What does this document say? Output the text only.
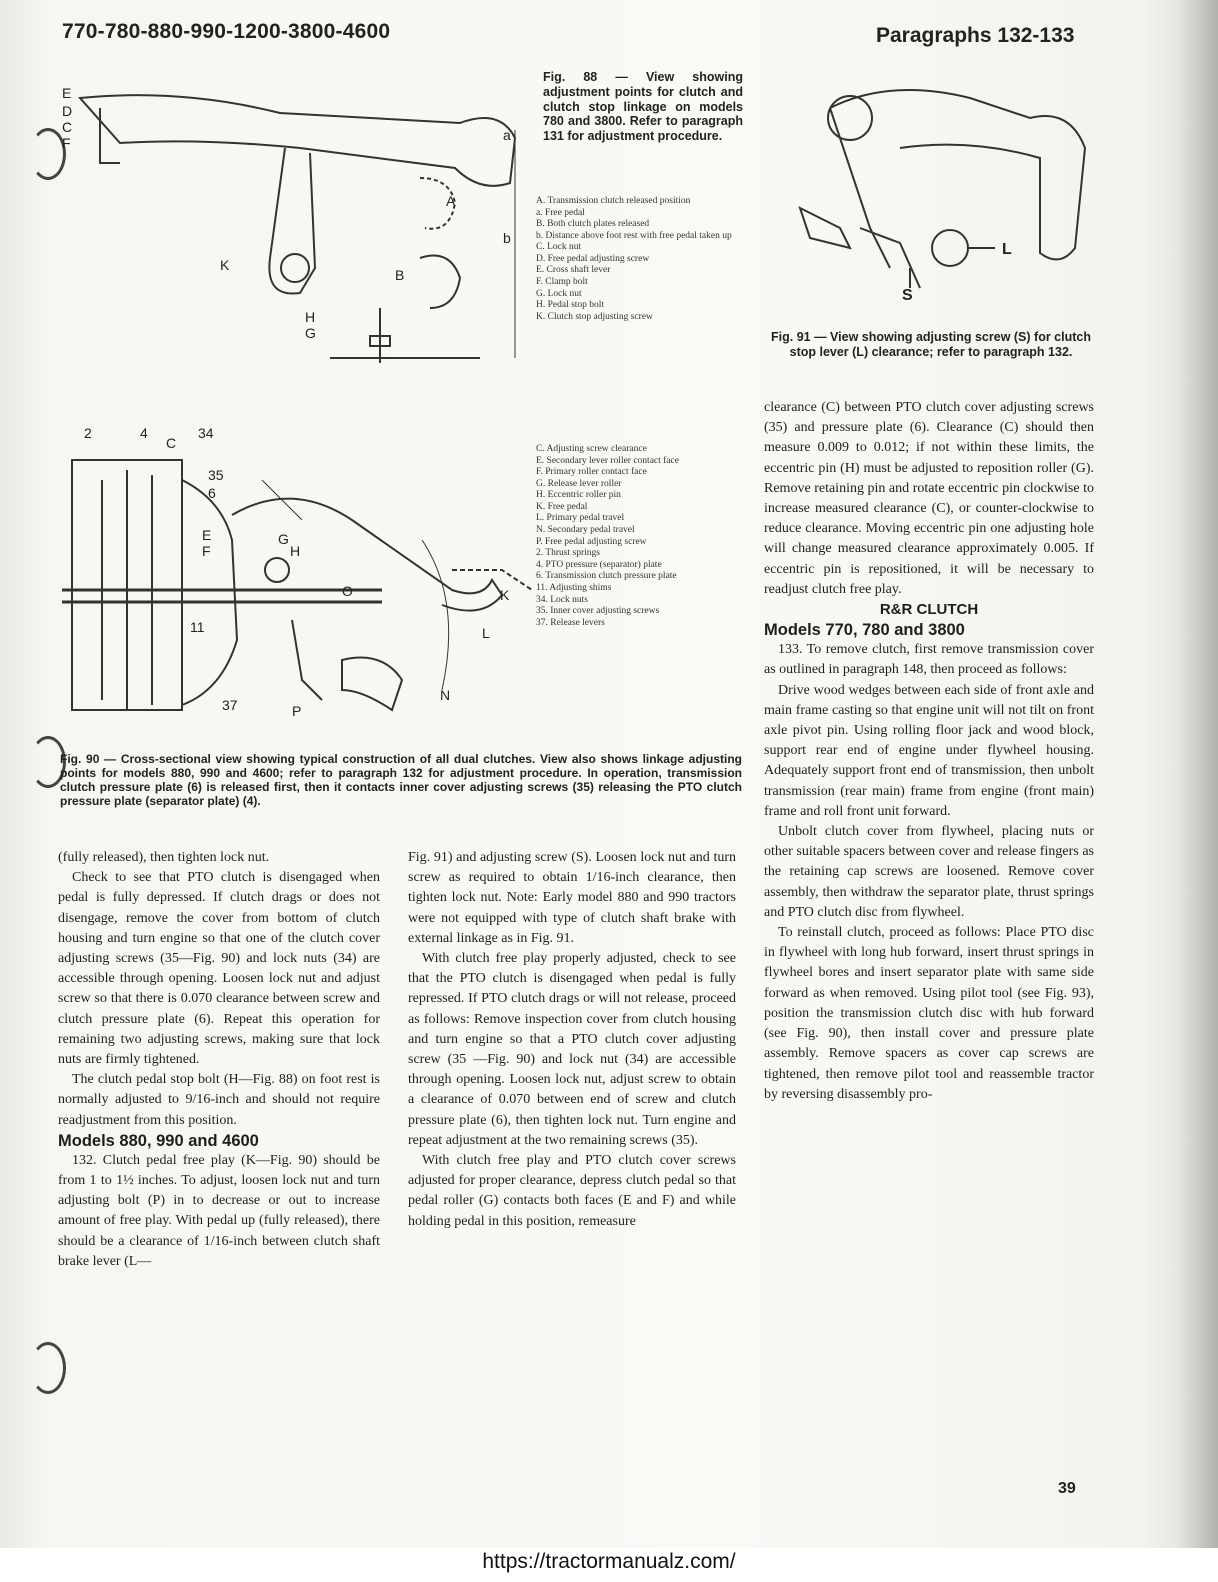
770-780-880-990-1200-3800-4600	Paragraphs 132-133
E
D
C
F	a
b
A
B
K
H
G
Fig. 88 — View showing adjustment points for clutch and clutch stop linkage on models 780 and 3800. Refer to paragraph 131 for adjustment procedure.
A. Transmission clutch released position
a. Free pedal
B. Both clutch plates released
b. Distance above foot rest with free pedal taken up
C. Lock nut
D. Free pedal adjusting screw
E. Cross shaft lever
F. Clamp bolt
G. Lock nut
H. Pedal stop bolt
K. Clutch stop adjusting screw
L
S
Fig. 91 — View showing adjusting screw (S) for clutch stop lever (L) clearance; refer to paragraph 132.
2	4
C
34
35
6
E
F
G
H
O	K
L
11
N
37	P
C. Adjusting screw clearance
E. Secondary lever roller contact face
F. Primary roller contact face
G. Release lever roller
H. Eccentric roller pin
K. Free pedal
L. Primary pedal travel
N. Secondary pedal travel
P. Free pedal adjusting screw
2. Thrust springs
4. PTO pressure (separator) plate
6. Transmission clutch pressure plate
11. Adjusting shims
34. Lock nuts
35. Inner cover adjusting screws
37. Release levers
Fig. 90 — Cross-sectional view showing typical construction of all dual clutches. View also shows linkage adjusting points for models 880, 990 and 4600; refer to paragraph 132 for adjustment procedure. In operation, transmission clutch pressure plate (6) is released first, then it contacts inner cover adjusting screws (35) releasing the PTO clutch pressure plate (separator plate) (4).

clearance (C) between PTO clutch cover adjusting screws (35) and pressure plate (6). Clearance (C) should then measure 0.009 to 0.012; if not within these limits, the eccentric pin (H) must be adjusted to reposition roller (G). Remove retaining pin and rotate eccentric pin clockwise to increase measured clearance (C), or counter-clockwise to reduce clearance. Moving eccentric pin one adjusting hole will change measured clearance approximately 0.005. If eccentric pin is repositioned, it will be necessary to readjust clutch free play.

R&R CLUTCH

Models 770, 780 and 3800

133. To remove clutch, first remove transmission cover as outlined in paragraph 148, then proceed as follows:

Drive wood wedges between each side of front axle and main frame casting so that engine unit will not tilt on front axle pivot pin. Using rolling floor jack and wood block, support rear end of engine under flywheel housing. Adequately support front end of transmission, then unbolt transmission (rear main) frame from engine (front main) frame and roll front unit forward.

Unbolt clutch cover from flywheel, placing nuts or other suitable spacers between cover and release fingers as the retaining cap screws are loosened. Remove cover assembly, then withdraw the separator plate, thrust springs and PTO clutch disc from flywheel.

To reinstall clutch, proceed as follows: Place PTO disc in flywheel with long hub forward, insert thrust springs in flywheel bores and insert separator plate with same side forward as when removed. Using pilot tool (see Fig. 93), position the transmission clutch disc with hub forward (see Fig. 90), then install cover and pressure plate assembly. Remove spacers as cover cap screws are tightened, then remove pilot tool and reassemble tractor by reversing disassembly pro-

(fully released), then tighten lock nut.

Check to see that PTO clutch is disengaged when pedal is fully depressed. If clutch drags or does not disengage, remove the cover from bottom of clutch housing and turn engine so that one of the clutch cover adjusting screws (35—Fig. 90) and lock nuts (34) are accessible through opening. Loosen lock nut and adjust screw so that there is 0.070 clearance between screw and clutch pressure plate (6). Repeat this operation for remaining two adjusting screws, making sure that lock nuts are firmly tightened.

The clutch pedal stop bolt (H—Fig. 88) on foot rest is normally adjusted to 9/16-inch and should not require readjustment from this position.

Models 880, 990 and 4600

132. Clutch pedal free play (K—Fig. 90) should be from 1 to 1½ inches. To adjust, loosen lock nut and turn adjusting bolt (P) in to decrease or out to increase amount of free play. With pedal up (fully released), there should be a clearance of 1/16-inch between clutch shaft brake lever (L—

Fig. 91) and adjusting screw (S). Loosen lock nut and turn screw as required to obtain 1/16-inch clearance, then tighten lock nut. Note: Early model 880 and 990 tractors were not equipped with type of clutch shaft brake with external linkage as in Fig. 91.

With clutch free play properly adjusted, check to see that the PTO clutch is disengaged when pedal is fully repressed. If PTO clutch drags or will not release, proceed as follows: Remove inspection cover from clutch housing and turn engine so that a PTO clutch cover adjusting screw (35 —Fig. 90) and lock nut (34) are accessible through opening. Loosen lock nut, adjust screw to obtain a clearance of 0.070 between end of screw and clutch pressure plate (6), then tighten lock nut. Turn engine and repeat adjustment at the two remaining screws (35).

With clutch free play and PTO clutch cover screws adjusted for proper clearance, depress clutch pedal so that pedal roller (G) contacts both faces (E and F) and while holding pedal in this position, remeasure

39
https://tractormanualz.com/
